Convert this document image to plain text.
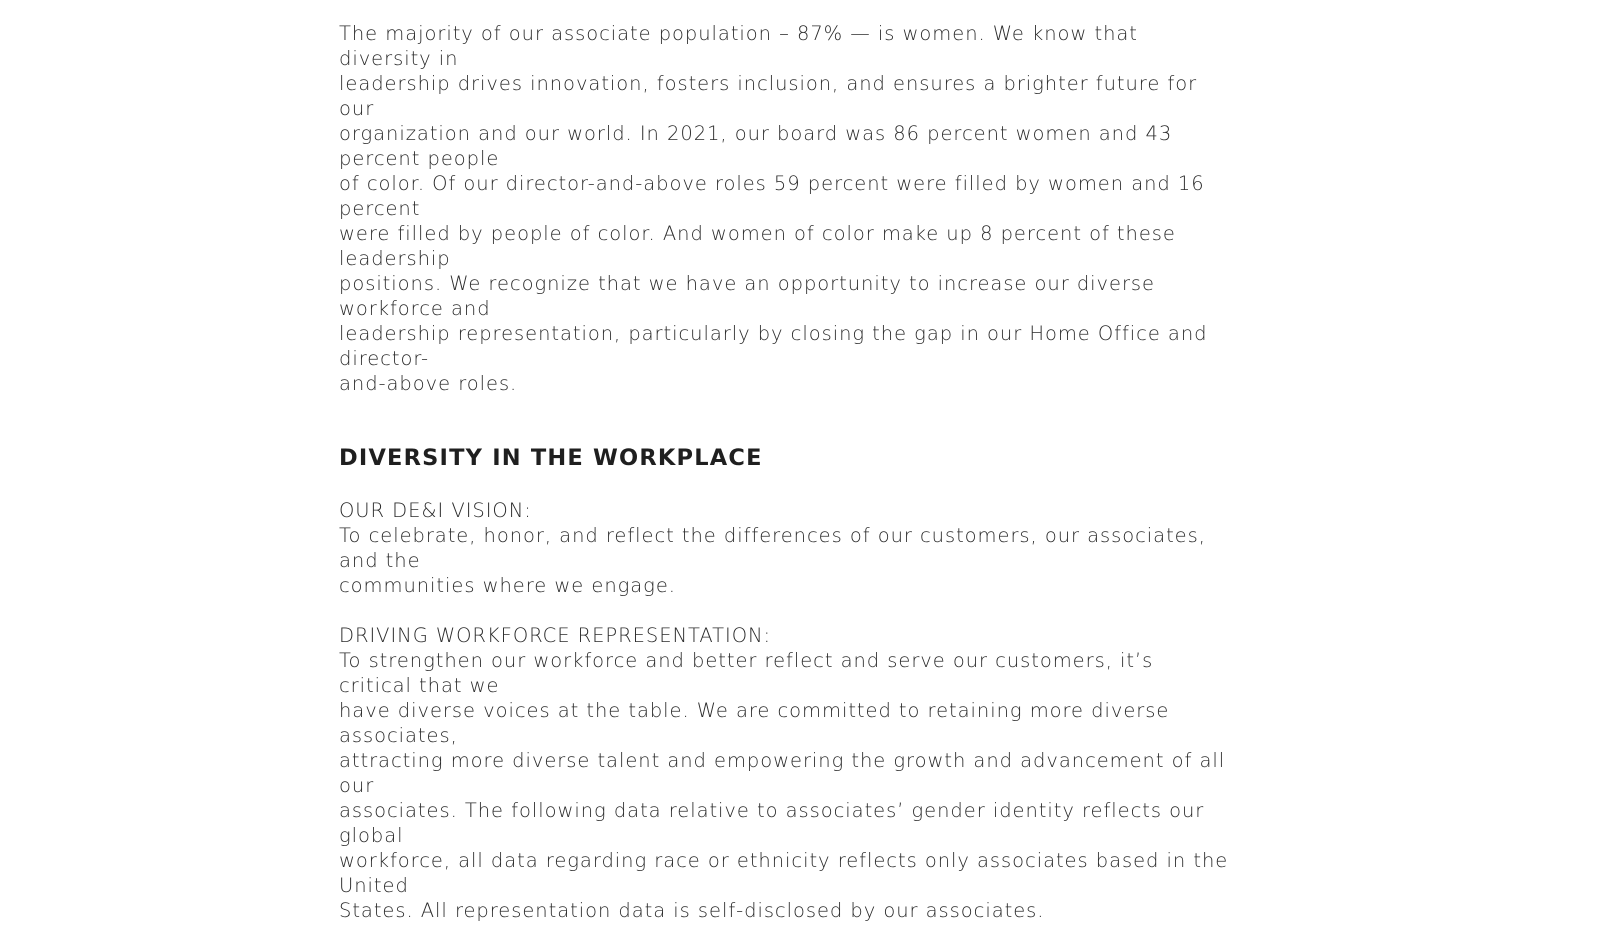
The majority of our associate population – 87% — is women. We know that diversity in
leadership drives innovation, fosters inclusion, and ensures a brighter future for our
organization and our world. In 2021, our board was 86 percent women and 43 percent people
of color. Of our director-and-above roles 59 percent were filled by women and 16 percent
were filled by people of color. And women of color make up 8 percent of these leadership
positions. We recognize that we have an opportunity to increase our diverse workforce and
leadership representation, particularly by closing the gap in our Home Office and director-
and-above roles.

DIVERSITY IN THE WORKPLACE
OUR DE&I VISION:

To celebrate, honor, and reflect the differences of our customers, our associates, and the
communities where we engage.

DRIVING WORKFORCE REPRESENTATION:

To strengthen our workforce and better reflect and serve our customers, it’s critical that we
have diverse voices at the table. We are committed to retaining more diverse associates,
attracting more diverse talent and empowering the growth and advancement of all our
associates. The following data relative to associates’ gender identity reflects our global
workforce, all data regarding race or ethnicity reflects only associates based in the United
States. All representation data is self-disclosed by our associates.
